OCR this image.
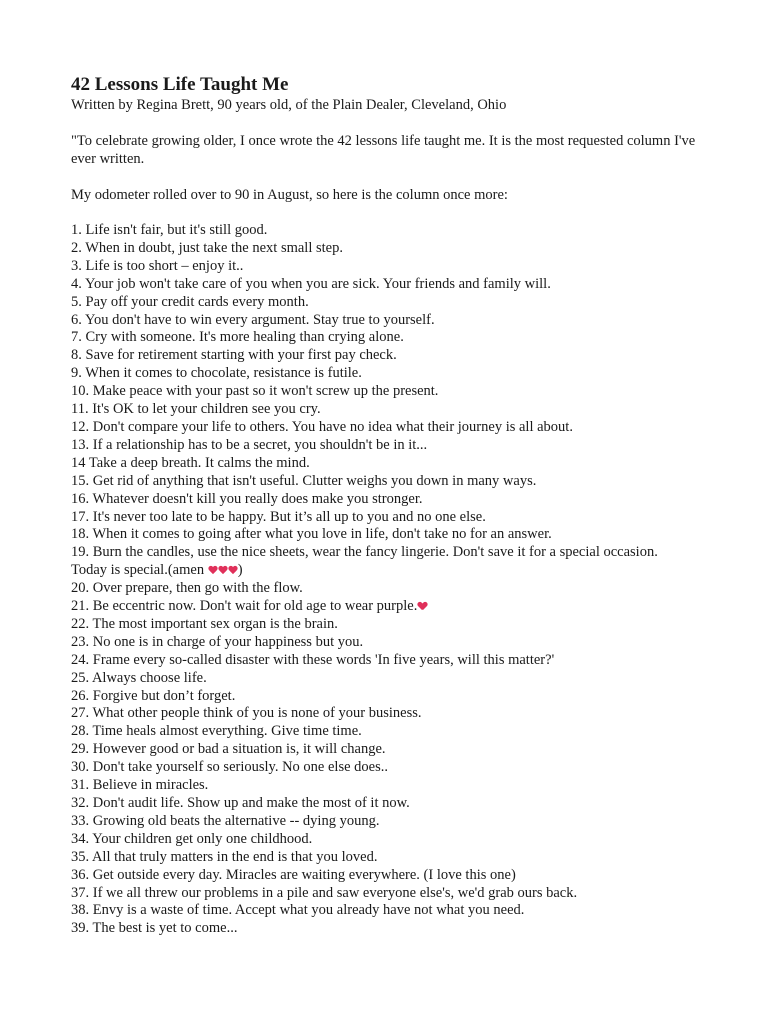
42 Lessons Life Taught Me

Written by Regina Brett, 90 years old, of the Plain Dealer, Cleveland, Ohio

"To celebrate growing older, I once wrote the 42 lessons life taught me. It is the most requested column I've ever written.

My odometer rolled over to 90 in August, so here is the column once more:

1. Life isn't fair, but it's still good.
2. When in doubt, just take the next small step.
3. Life is too short – enjoy it..
4. Your job won't take care of you when you are sick. Your friends and family will.
5. Pay off your credit cards every month.
6. You don't have to win every argument. Stay true to yourself.
7. Cry with someone. It's more healing than crying alone.
8. Save for retirement starting with your first pay check.
9. When it comes to chocolate, resistance is futile.
10. Make peace with your past so it won't screw up the present.
11. It's OK to let your children see you cry.
12. Don't compare your life to others. You have no idea what their journey is all about.
13. If a relationship has to be a secret, you shouldn't be in it...
14 Take a deep breath. It calms the mind.
15. Get rid of anything that isn't useful. Clutter weighs you down in many ways.
16. Whatever doesn't kill you really does make you stronger.
17. It's never too late to be happy. But it’s all up to you and no one else.
18. When it comes to going after what you love in life, don't take no for an answer.
19. Burn the candles, use the nice sheets, wear the fancy lingerie. Don't save it for a special occasion.
Today is special.(amen )
20. Over prepare, then go with the flow.
21. Be eccentric now. Don't wait for old age to wear purple.
22. The most important sex organ is the brain.
23. No one is in charge of your happiness but you.
24. Frame every so-called disaster with these words 'In five years, will this matter?'
25. Always choose life.
26. Forgive but don’t forget.
27. What other people think of you is none of your business.
28. Time heals almost everything. Give time time.
29. However good or bad a situation is, it will change.
30. Don't take yourself so seriously. No one else does..
31. Believe in miracles.
32. Don't audit life. Show up and make the most of it now.
33. Growing old beats the alternative -- dying young.
34. Your children get only one childhood.
35. All that truly matters in the end is that you loved.
36. Get outside every day. Miracles are waiting everywhere. (I love this one)
37. If we all threw our problems in a pile and saw everyone else's, we'd grab ours back.
38. Envy is a waste of time. Accept what you already have not what you need.
39. The best is yet to come...
